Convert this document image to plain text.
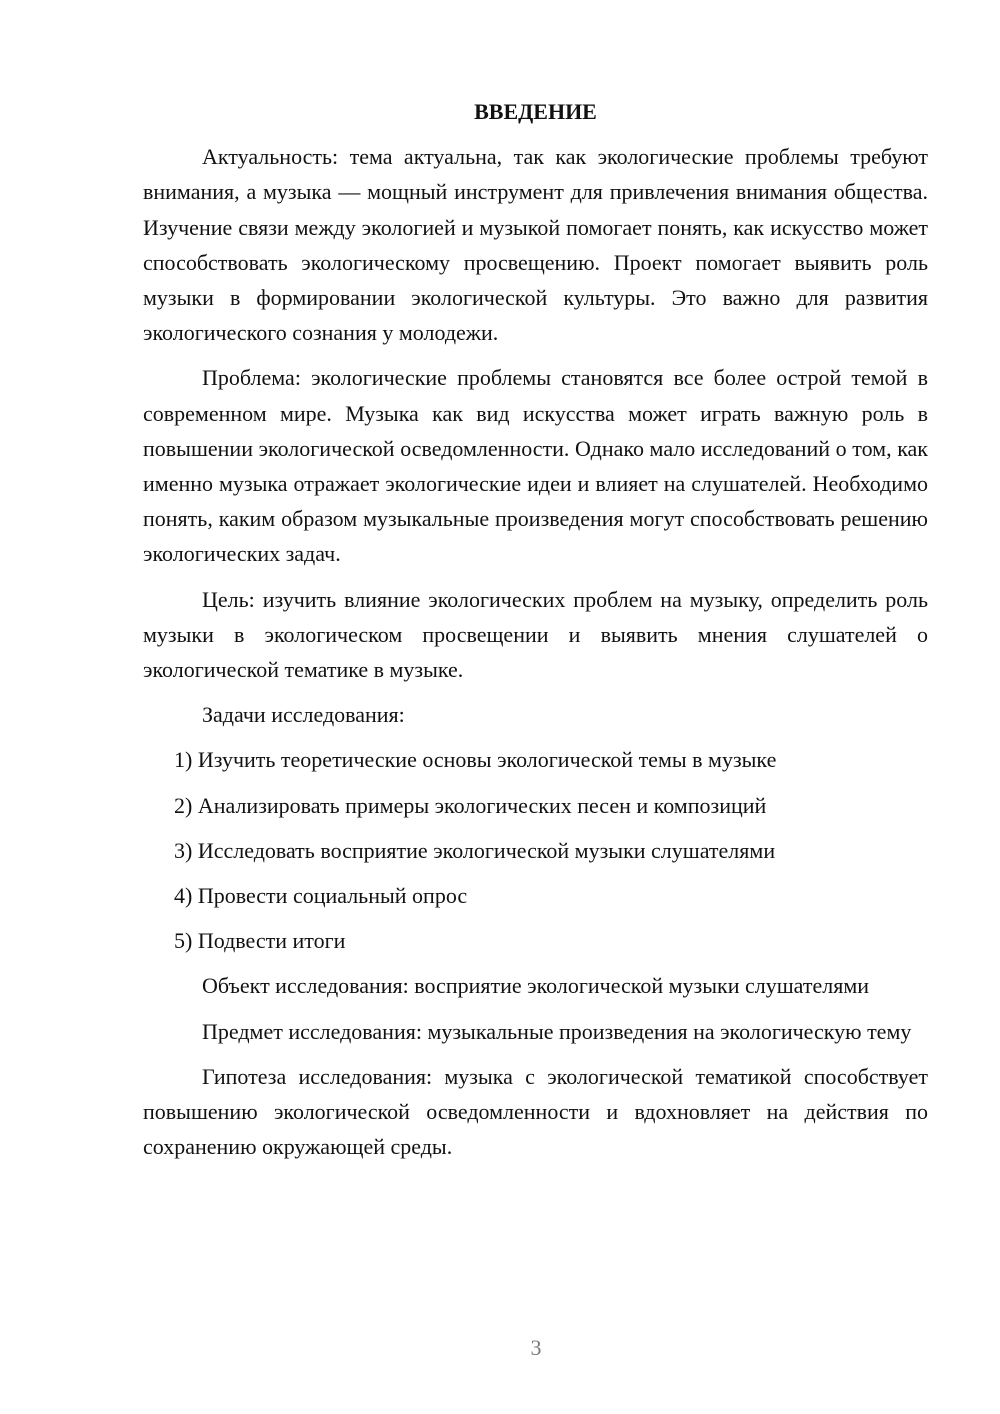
ВВЕДЕНИЕ

Актуальность: тема актуальна, так как экологические проблемы требуют внимания, а музыка — мощный инструмент для привлечения внимания общества. Изучение связи между экологией и музыкой помогает понять, как искусство может способствовать экологическому просвещению. Проект помогает выявить роль музыки в формировании экологической культуры. Это важно для развития экологического сознания у молодежи.

Проблема: экологические проблемы становятся все более острой темой в современном мире. Музыка как вид искусства может играть важную роль в повышении экологической осведомленности. Однако мало исследований о том, как именно музыка отражает экологические идеи и влияет на слушателей. Необходимо понять, каким образом музыкальные произведения могут способствовать решению экологических задач.

Цель: изучить влияние экологических проблем на музыку, определить роль музыки в экологическом просвещении и выявить мнения слушателей о экологической тематике в музыке.

Задачи исследования:

1) Изучить теоретические основы экологической темы в музыке
2) Анализировать примеры экологических песен и композиций
3) Исследовать восприятие экологической музыки слушателями
4) Провести социальный опрос
5) Подвести итоги

Объект исследования: восприятие экологической музыки слушателями

Предмет исследования: музыкальные произведения на экологическую тему

Гипотеза исследования: музыка с экологической тематикой способствует повышению экологической осведомленности и вдохновляет на действия по сохранению окружающей среды.

3
